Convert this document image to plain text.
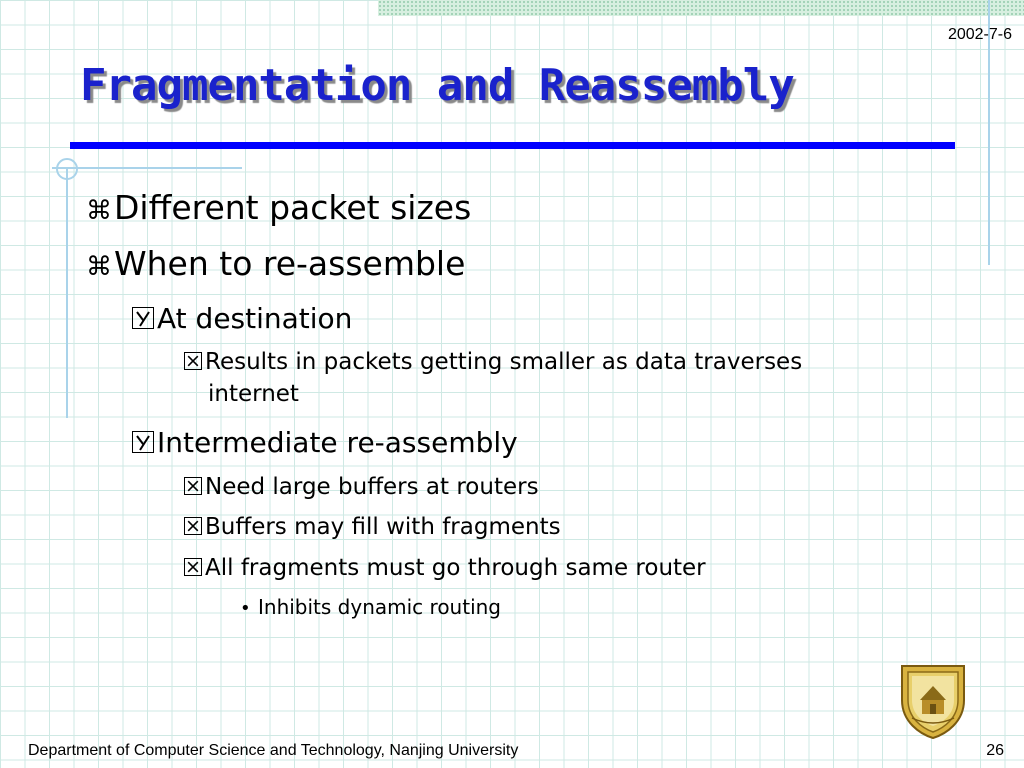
2002-7-6
Fragmentation and Reassembly
⌘Different packet sizes
⌘When to re-assemble
At destination
Results in packets getting smaller as data traverses
internet
Intermediate re-assembly
Need large buffers at routers
Buffers may fill with fragments
All fragments must go through same router
• Inhibits dynamic routing
Department of Computer Science and Technology, Nanjing University	26
